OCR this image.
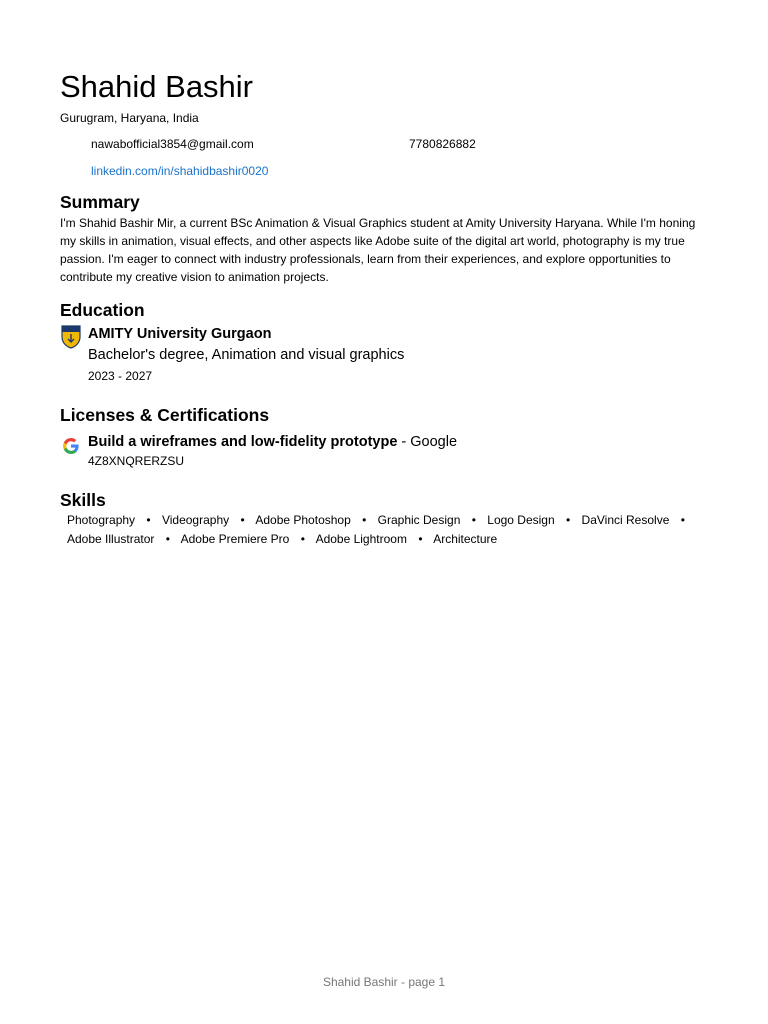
Shahid Bashir
Gurugram, Haryana, India
nawabofficial3854@gmail.com	7780826882
linkedin.com/in/shahidbashir0020
Summary
I'm Shahid Bashir Mir, a current BSc Animation & Visual Graphics student at Amity University Haryana. While I'm honing my skills in animation, visual effects, and other aspects like Adobe suite of the digital art world, photography is my true passion. I'm eager to connect with industry professionals, learn from their experiences, and explore opportunities to contribute my creative vision to animation projects.
Education
AMITY University Gurgaon
Bachelor's degree, Animation and visual graphics
2023 - 2027
Licenses & Certifications
Build a wireframes and low-fidelity prototype - Google
4Z8XNQRERZSU
Skills
Photography • Videography • Adobe Photoshop • Graphic Design • Logo Design • DaVinci Resolve • Adobe Illustrator • Adobe Premiere Pro • Adobe Lightroom • Architecture
Shahid Bashir - page 1
